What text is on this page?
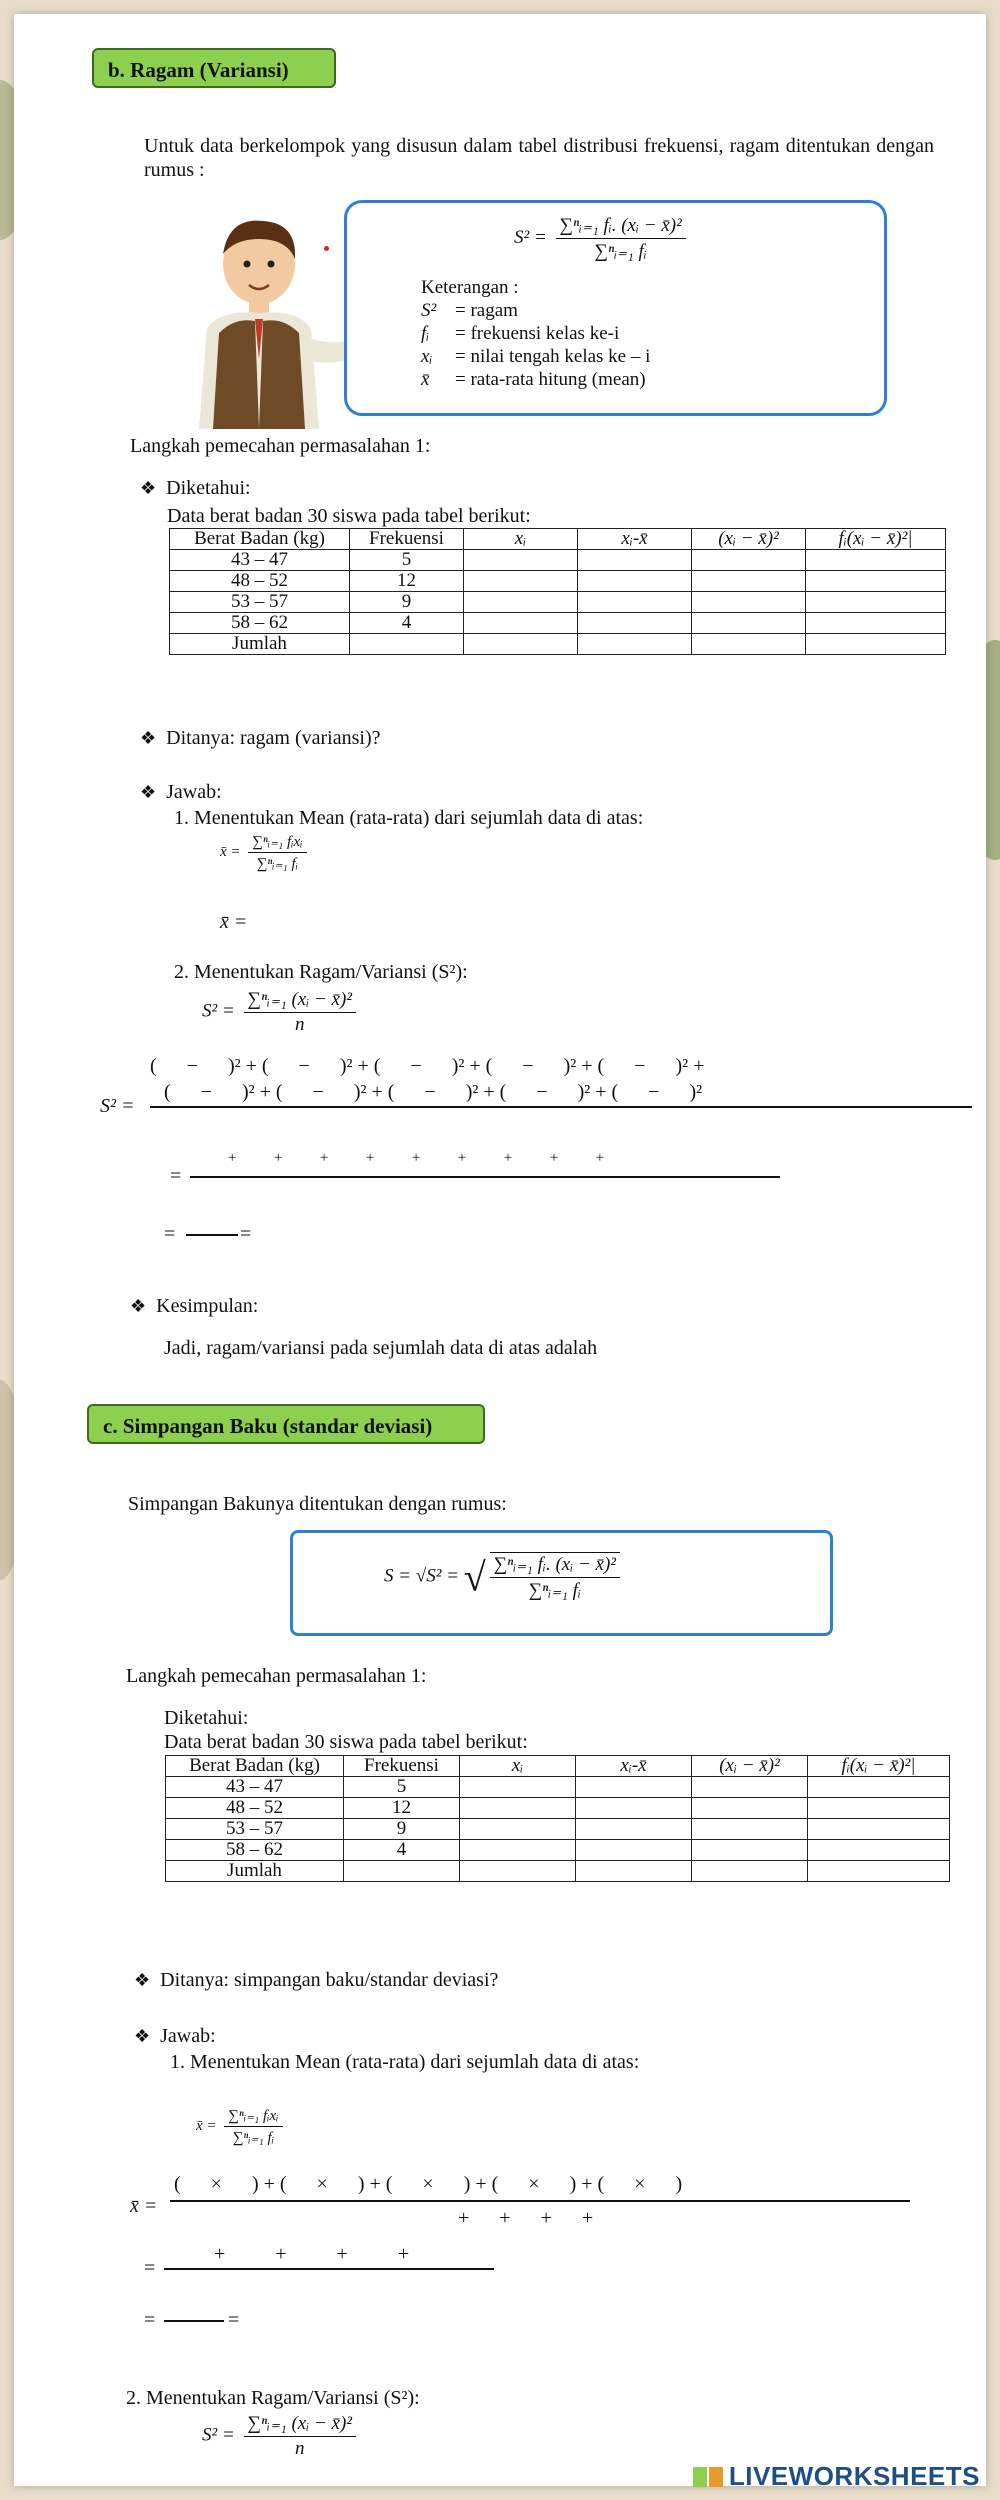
b. Ragam (Variansi)
Untuk data berkelompok yang disusun dalam tabel distribusi frekuensi, ragam ditentukan dengan rumus :
$S^2 = \frac{\text{∑ⁿᵢ₌₁ fᵢ. (xᵢ − x̄)²}}{\text{∑ⁿᵢ₌₁ fᵢ}}$
Keterangan :
S² = ragam
fᵢ = frekuensi kelas ke-i
xᵢ = nilai tengah kelas ke – i
x̄ = rata-rata hitung (mean)
Langkah pemecahan permasalahan 1:
❖ Diketahui:
Data berat badan 30 siswa pada tabel berikut:
Berat Badan (kg)	Frekuensi	xᵢ	xᵢ-x̄	(xᵢ − x̄)²	fᵢ(xᵢ − x̄)²|
43 – 47	5				
48 – 52	12				
53 – 57	9				
58 – 62	4				
Jumlah					
❖ Ditanya: ragam (variansi)?
❖ Jawab:
1. Menentukan Mean (rata-rata) dari sejumlah data di atas:
x̄ = $\frac{\text{∑ⁿᵢ₌₁ fᵢxᵢ}}{\text{∑ⁿᵢ₌₁ fᵢ}}$
x̄ =
2. Menentukan Ragam/Variansi (S²):
$S^2 = \frac{\text{∑ⁿᵢ₌₁ (xᵢ − x̄)²}}{n}$
(      −      )² + (      −      )² + (      −      )² + (      −      )² + (      −      )² +
S² =
(      −      )² + (      −      )² + (      −      )² + (      −      )² + (      −      )²
=
+          +          +          +          +          +          +          +          +
=	=
❖ Kesimpulan:
Jadi, ragam/variansi pada sejumlah data di atas adalah
c. Simpangan Baku (standar deviasi)
Simpangan Bakunya ditentukan dengan rumus:
S = √S² = √ $\frac{\text{∑ⁿᵢ₌₁ fᵢ. (xᵢ − x̄)²}}{\text{∑ⁿᵢ₌₁ fᵢ}}$
Langkah pemecahan permasalahan 1:
Diketahui:
Data berat badan 30 siswa pada tabel berikut:
Berat Badan (kg)	Frekuensi	xᵢ	xᵢ-x̄	(xᵢ − x̄)²	fᵢ(xᵢ − x̄)²|
43 – 47	5				
48 – 52	12				
53 – 57	9				
58 – 62	4				
Jumlah					
❖ Ditanya: simpangan baku/standar deviasi?
❖ Jawab:
1. Menentukan Mean (rata-rata) dari sejumlah data di atas:
x̄ = $\frac{\text{∑ⁿᵢ₌₁ fᵢxᵢ}}{\text{∑ⁿᵢ₌₁ fᵢ}}$
x̄ =
(      ×      ) + (      ×      ) + (      ×      ) + (      ×      ) + (      ×      )
+      +      +      +
=
+          +          +          +
=	=
2. Menentukan Ragam/Variansi (S²):
$S^2 = \frac{\text{∑ⁿᵢ₌₁ (xᵢ − x̄)²}}{n}$
LIVEWORKSHEETS
